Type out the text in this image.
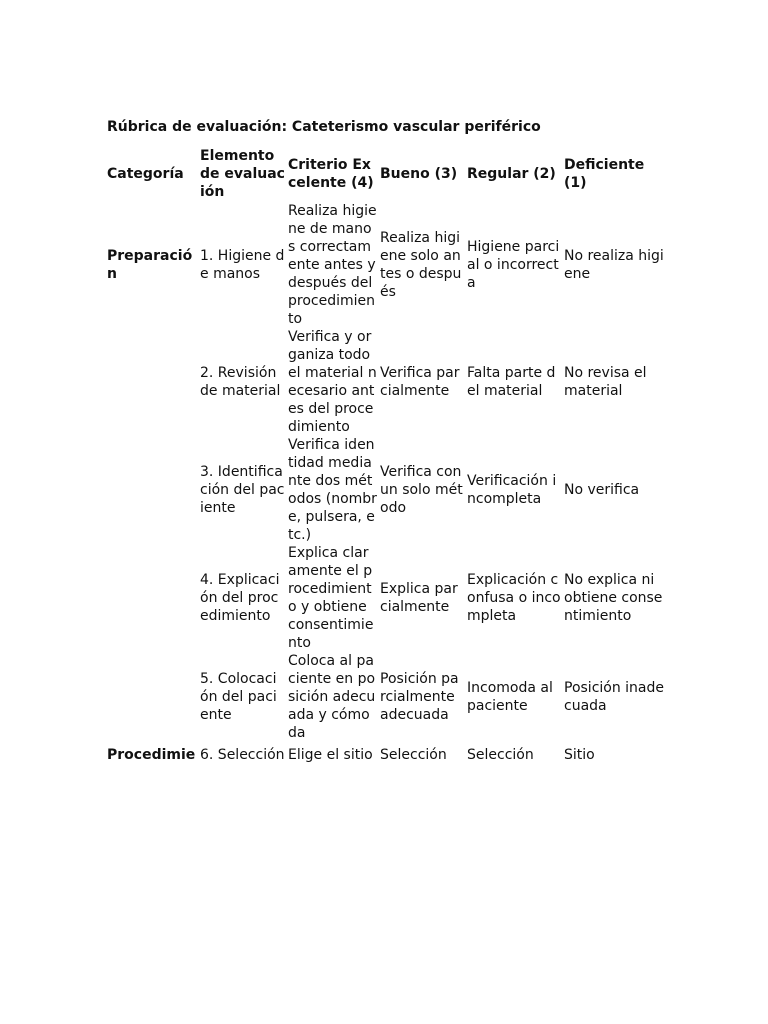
Rúbrica de evaluación: Cateterismo vascular periférico
Categoría	Elemento de evaluación	Criterio Excelente (4)	Bueno (3)	Regular (2)	Deficiente (1)

Preparación	1. Higiene de manos	Realiza higiene de manos correctamente antes y después del procedimiento	Realiza higiene solo antes o después	Higiene parcial o incorrecta	No realiza higiene

	2. Revisión de material	Verifica y organiza todo el material necesario antes del procedimiento	Verifica parcialmente	Falta parte del material	No revisa el material

	3. Identificación del paciente	Verifica identidad mediante dos métodos (nombre, pulsera, etc.)	Verifica con un solo método	Verificación incompleta	No verifica

	4. Explicación del procedimiento	Explica claramente el procedimiento y obtiene consentimiento	Explica parcialmente	Explicación confusa o incompleta	No explica ni obtiene consentimiento

	5. Colocación del paciente	Coloca al paciente en posición adecuada y cómoda	Posición parcialmente adecuada	Incomoda al paciente	Posición inadecuada

Procedimie	6. Selección	Elige el sitio	Selección	Selección	Sitio
